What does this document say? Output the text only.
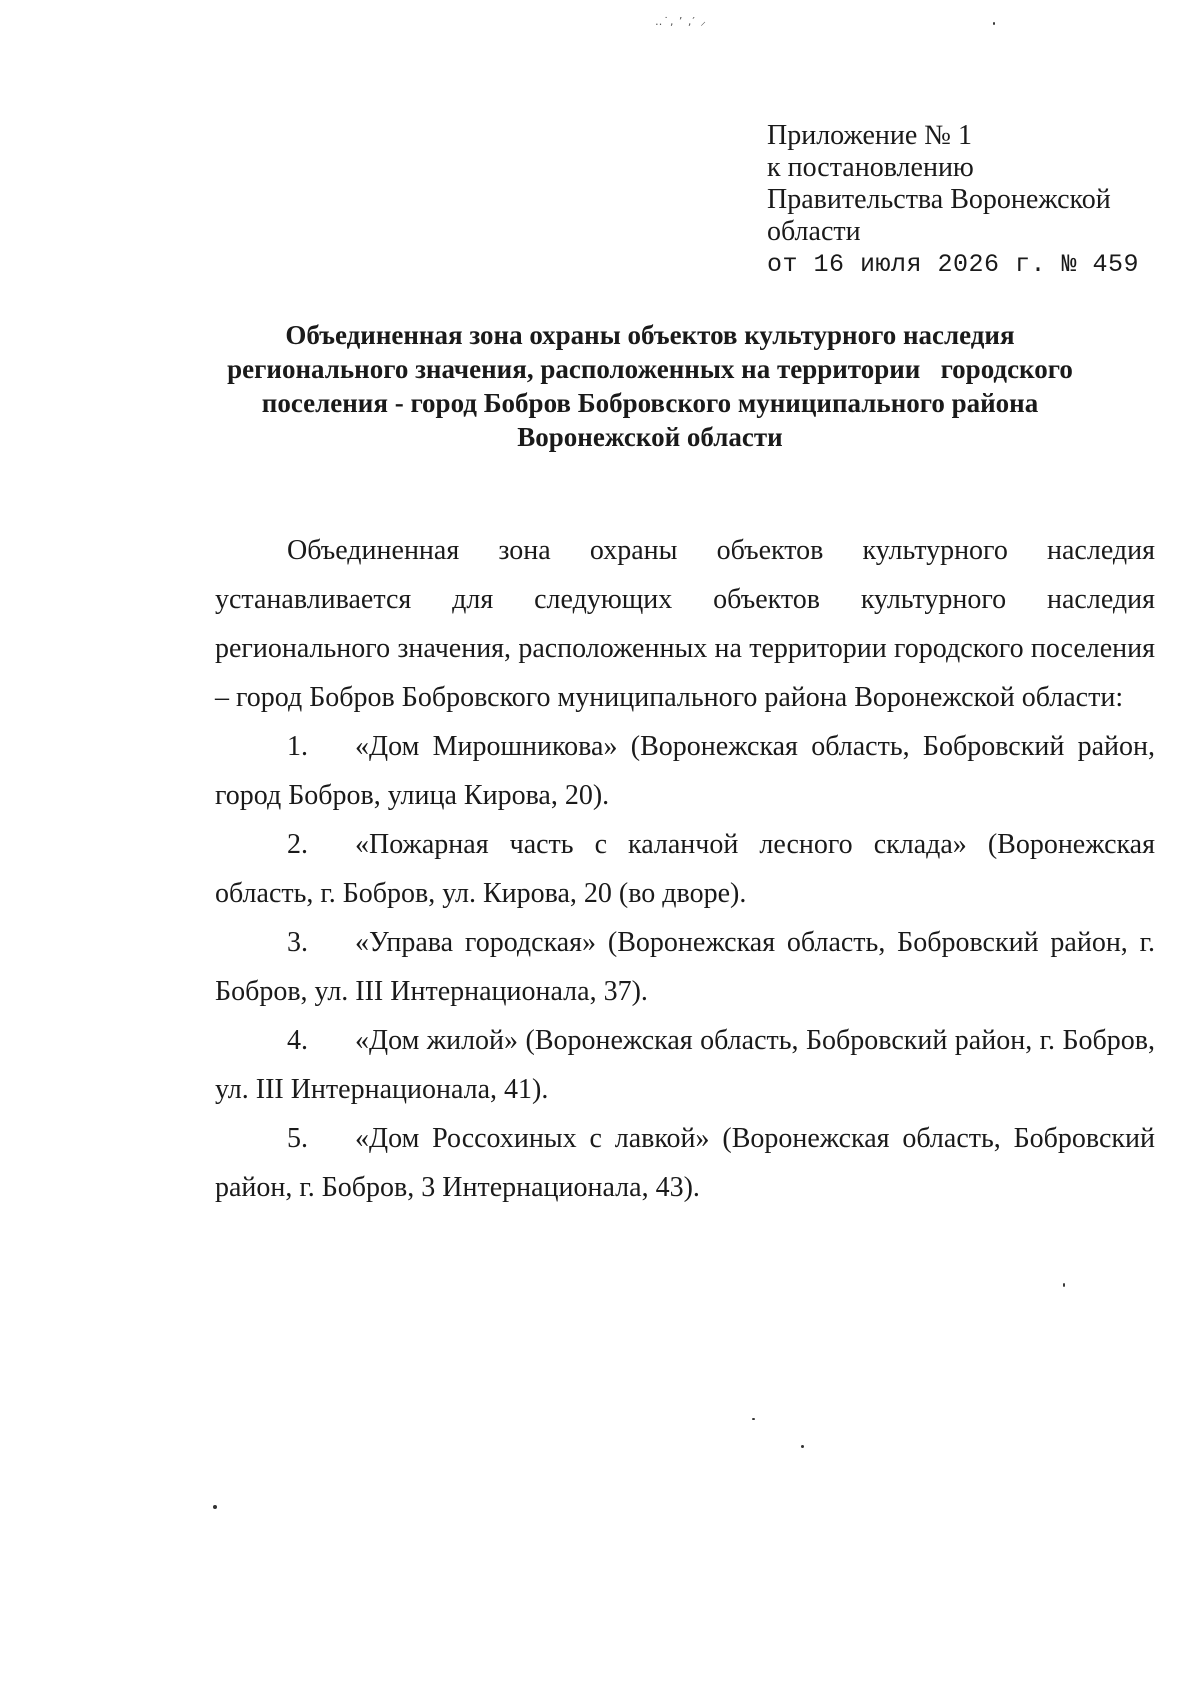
‥˙‚ ʼ ,′ ⸝
Приложение № 1
к постановлению
Правительства Воронежской
области
от 16 июля 2026 г. № 459
Объединенная зона охраны объектов культурного наследия
регионального значения, расположенных на территории   городского
поселения - город Бобров Бобровского муниципального района
Воронежской области

Объединенная зона охраны объектов культурного наследия устанавливается для следующих объектов культурного наследия регионального значения, расположенных на территории городского поселения – город Бобров Бобровского муниципального района Воронежской области:

1. «Дом Мирошникова» (Воронежская область, Бобровский район, город Бобров, улица Кирова, 20).

2. «Пожарная часть с каланчой лесного склада» (Воронежская область, г. Бобров, ул. Кирова, 20 (во дворе).

3. «Управа городская» (Воронежская область, Бобровский район, г. Бобров, ул. III Интернационала, 37).

4. «Дом жилой» (Воронежская область, Бобровский район, г. Бобров, ул. III Интернационала, 41).

5. «Дом Россохиных с лавкой» (Воронежская область, Бобровский район, г. Бобров, 3 Интернационала, 43).
